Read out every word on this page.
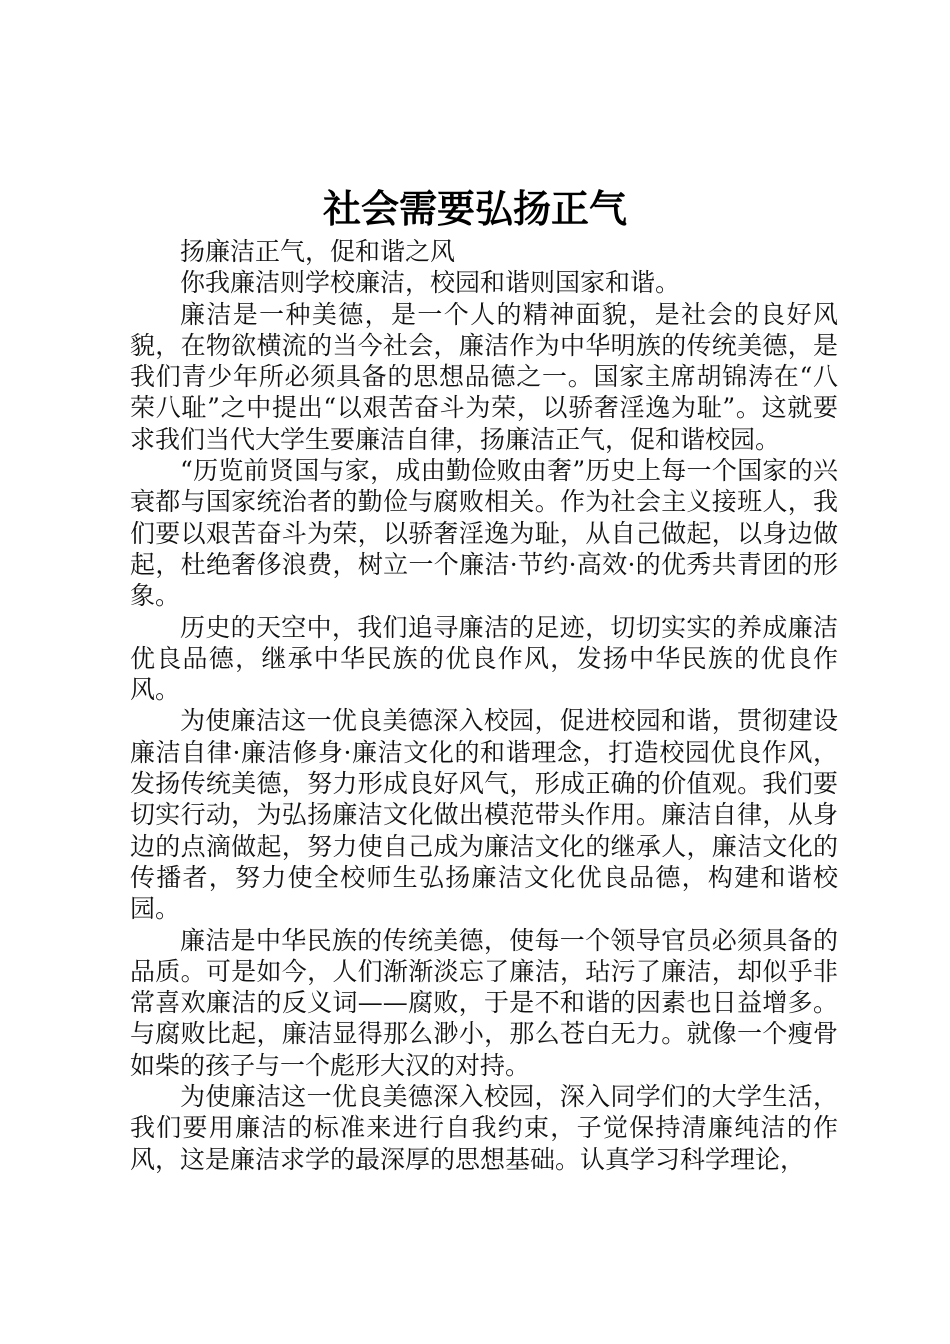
社会需要弘扬正气

扬廉洁正气，促和谐之风

你我廉洁则学校廉洁，校园和谐则国家和谐。

廉洁是一种美德，是一个人的精神面貌，是社会的良好风貌，在物欲横流的当今社会，廉洁作为中华明族的传统美德，是我们青少年所必须具备的思想品德之一。国家主席胡锦涛在“八荣八耻”之中提出“以艰苦奋斗为荣，以骄奢淫逸为耻”。这就要求我们当代大学生要廉洁自律，扬廉洁正气，促和谐校园。

“历览前贤国与家，成由勤俭败由奢”历史上每一个国家的兴衰都与国家统治者的勤俭与腐败相关。作为社会主义接班人，我们要以艰苦奋斗为荣，以骄奢淫逸为耻，从自己做起，以身边做起，杜绝奢侈浪费，树立一个廉洁·节约·高效·的优秀共青团的形象。

历史的天空中，我们追寻廉洁的足迹，切切实实的养成廉洁优良品德，继承中华民族的优良作风，发扬中华民族的优良作风。

为使廉洁这一优良美德深入校园，促进校园和谐，贯彻建设廉洁自律·廉洁修身·廉洁文化的和谐理念，打造校园优良作风，发扬传统美德，努力形成良好风气，形成正确的价值观。我们要切实行动，为弘扬廉洁文化做出模范带头作用。廉洁自律，从身边的点滴做起，努力使自己成为廉洁文化的继承人，廉洁文化的传播者，努力使全校师生弘扬廉洁文化优良品德，构建和谐校园。

廉洁是中华民族的传统美德，使每一个领导官员必须具备的品质。可是如今，人们渐渐淡忘了廉洁，玷污了廉洁，却似乎非常喜欢廉洁的反义词——腐败，于是不和谐的因素也日益增多。与腐败比起，廉洁显得那么渺小，那么苍白无力。就像一个瘦骨如柴的孩子与一个彪形大汉的对持。

为使廉洁这一优良美德深入校园，深入同学们的大学生活，我们要用廉洁的标准来进行自我约束，子觉保持清廉纯洁的作风，这是廉洁求学的最深厚的思想基础。认真学习科学理论，
